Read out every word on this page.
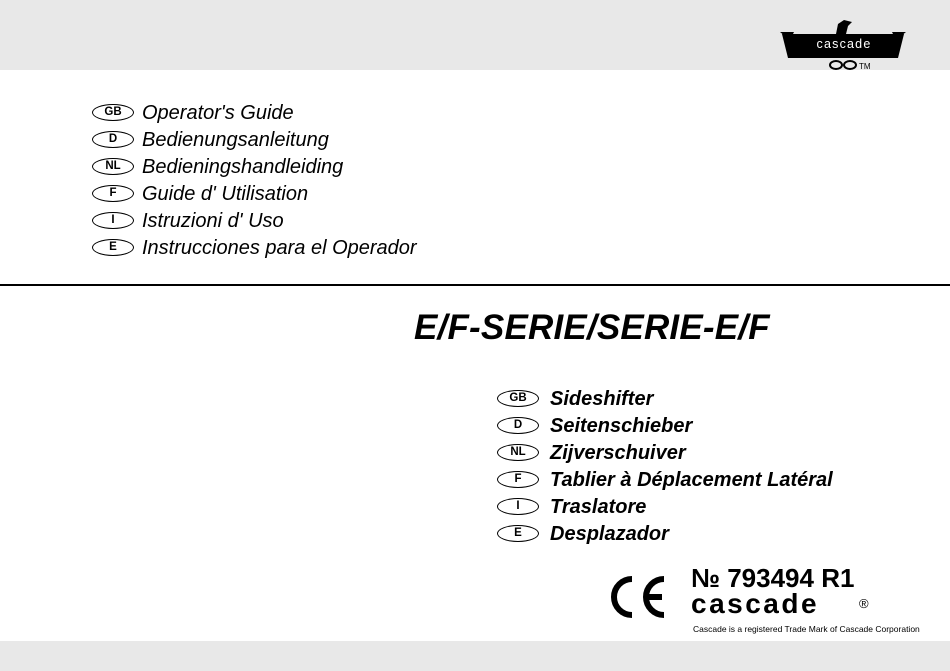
cascade
TM
GB	Operator's Guide
D	Bedienungsanleitung
NL	Bedieningshandleiding
F	Guide d' Utilisation
I	Istruzioni d' Uso
E	Instrucciones para el Operador
E/F-SERIE/SERIE-E/F
GB	Sideshifter
D	Seitenschieber
NL	Zijverschuiver
F	Tablier à Déplacement Latéral
I	Traslatore
E	Desplazador
№ 793494 R1
cascade	®
Cascade is a registered Trade Mark of Cascade Corporation
